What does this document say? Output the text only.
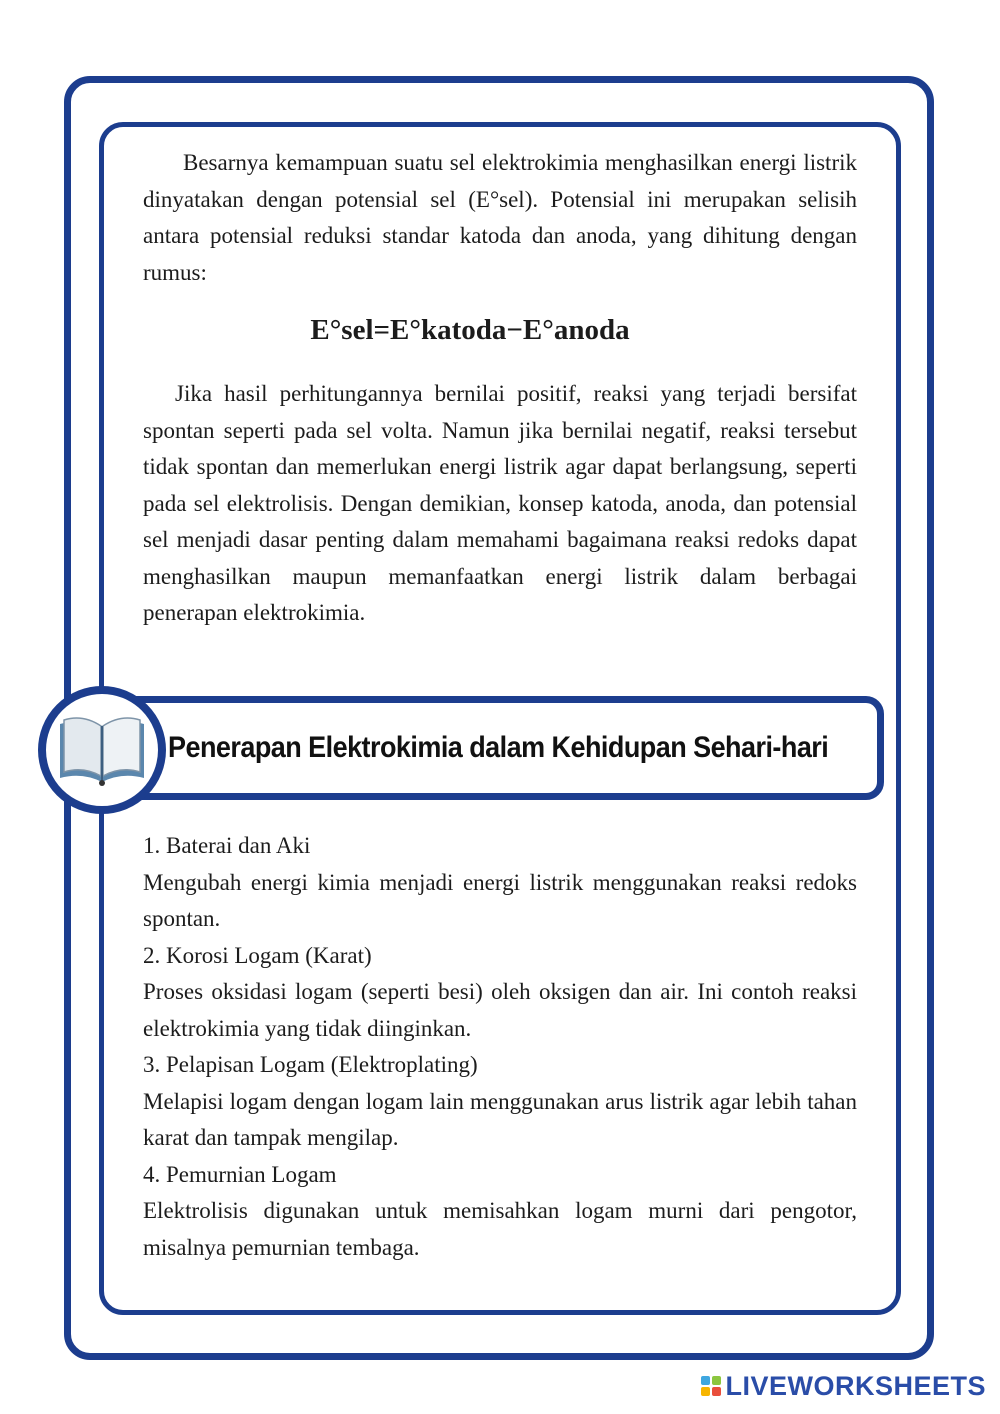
Besarnya kemampuan suatu sel elektrokimia menghasilkan energi listrik dinyatakan dengan potensial sel (E°sel). Potensial ini merupakan selisih antara potensial reduksi standar katoda dan anoda, yang dihitung dengan rumus:

E°sel=E°katoda−E°anoda

Jika hasil perhitungannya bernilai positif, reaksi yang terjadi bersifat spontan seperti pada sel volta. Namun jika bernilai negatif, reaksi tersebut tidak spontan dan memerlukan energi listrik agar dapat berlangsung, seperti pada sel elektrolisis. Dengan demikian, konsep katoda, anoda, dan potensial sel menjadi dasar penting dalam memahami bagaimana reaksi redoks dapat menghasilkan maupun memanfaatkan energi listrik dalam berbagai penerapan elektrokimia.

Penerapan Elektrokimia dalam Kehidupan Sehari-hari

1. Baterai dan Aki

Mengubah energi kimia menjadi energi listrik menggunakan reaksi redoks spontan.

2. Korosi Logam (Karat)

Proses oksidasi logam (seperti besi) oleh oksigen dan air. Ini contoh reaksi elektrokimia yang tidak diinginkan.

3. Pelapisan Logam (Elektroplating)

Melapisi logam dengan logam lain menggunakan arus listrik agar lebih tahan karat dan tampak mengilap.

4. Pemurnian Logam

Elektrolisis digunakan untuk memisahkan logam murni dari pengotor, misalnya pemurnian tembaga.

LIVEWORKSHEETS
